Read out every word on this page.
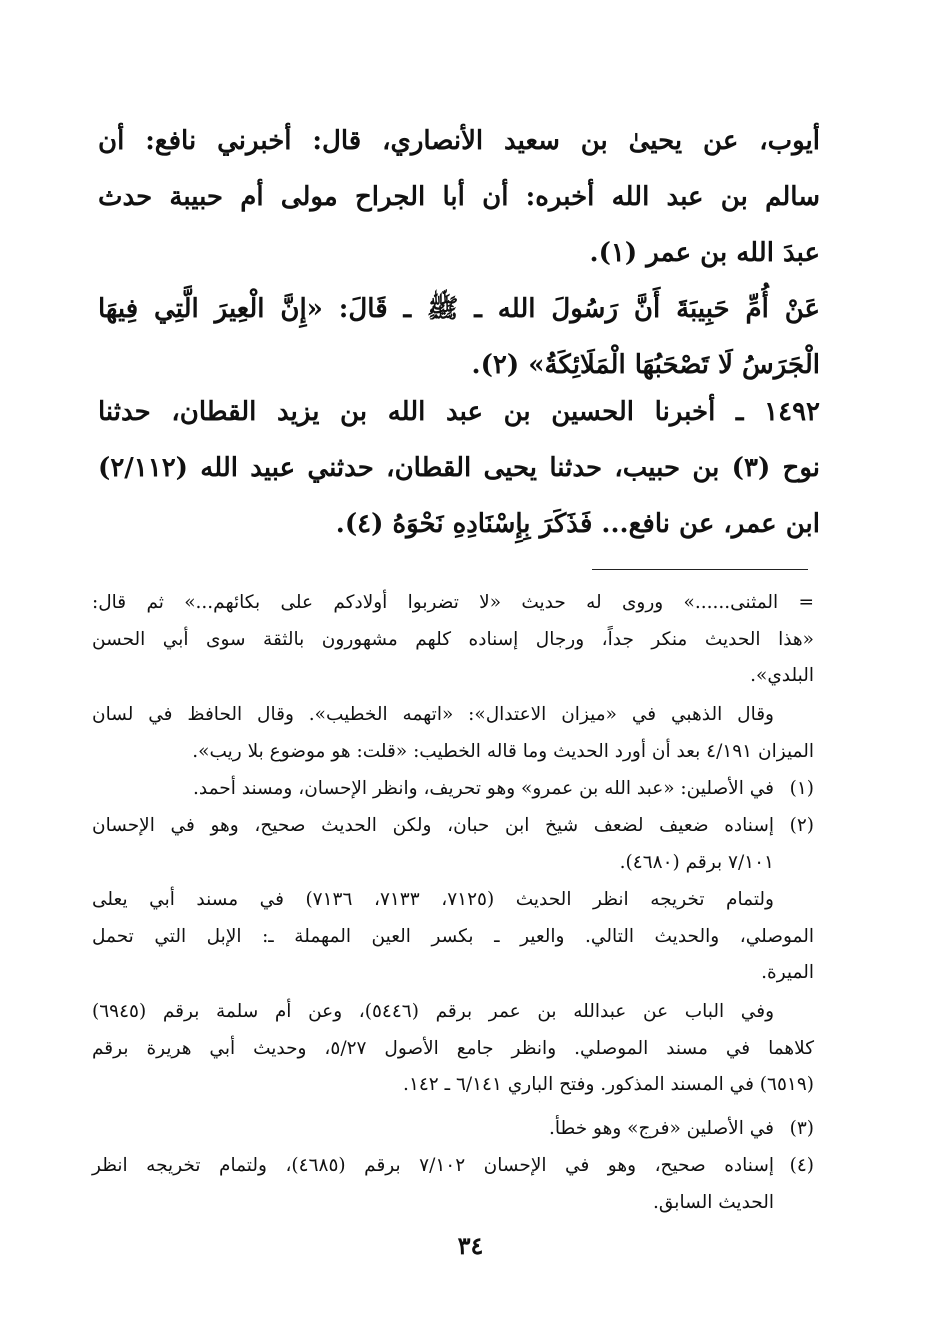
أيوب، عن يحيىٰ بن سعيد الأنصاري، قال: أخبرني نافع: أن
سالم بن عبد الله أخبره: أن أبا الجراح مولى أم حبيبة حدث
عبدَ الله بن عمر (١).
عَنْ أُمِّ حَبِيبَةَ أَنَّ رَسُولَ الله ـ ﷺ ـ قَالَ: «إِنَّ الْعِيرَ الَّتِي فِيهَا
الْجَرَسُ لَا تَصْحَبُهَا الْمَلَائِكَةُ» (٢).
١٤٩٢ ـ أخبرنا الحسين بن عبد الله بن يزيد القطان، حدثنا
نوح (٣) بن حبيب، حدثنا يحيى القطان، حدثني عبيد الله (٢/١١٢)
ابن عمر، عن نافع... فَذَكَرَ بِإِسْنَادِهِ نَحْوَهُ (٤).
= المثنى......» وروى له حديث «لا تضربوا أولادكم على بكائهم...» ثم قال:
«هذا الحديث منكر جداً، ورجال إسناده كلهم مشهورون بالثقة سوى أبي الحسن
البلدي».
وقال الذهبي في «ميزان الاعتدال»: «اتهمه الخطيب». وقال الحافظ في لسان
الميزان ٤/١٩١ بعد أن أورد الحديث وما قاله الخطيب: «قلت: هو موضوع بلا ريب».
(١)في الأصلين: «عبد الله بن عمرو» وهو تحريف، وانظر الإحسان، ومسند أحمد.
(٢)إسناده ضعيف لضعف شيخ ابن حبان، ولكن الحديث صحيح، وهو في الإحسان
٧/١٠١ برقم (٤٦٨٠).
ولتمام تخريجه انظر الحديث (٧١٢٥، ٧١٣٣، ٧١٣٦) في مسند أبي يعلى
الموصلي، والحديث التالي. والعير ـ بكسر العين المهملة ـ: الإبل التي تحمل
الميرة.
وفي الباب عن عبدالله بن عمر برقم (٥٤٤٦)، وعن أم سلمة برقم (٦٩٤٥)
كلاهما في مسند الموصلي. وانظر جامع الأصول ٥/٢٧، وحديث أبي هريرة برقم
(٦٥١٩) في المسند المذكور. وفتح الباري ٦/١٤١ ـ ١٤٢.
(٣)في الأصلين «فرج» وهو خطأ.
(٤)إسناده صحيح، وهو في الإحسان ٧/١٠٢ برقم (٤٦٨٥)، ولتمام تخريجه انظر
الحديث السابق.
٣٤
